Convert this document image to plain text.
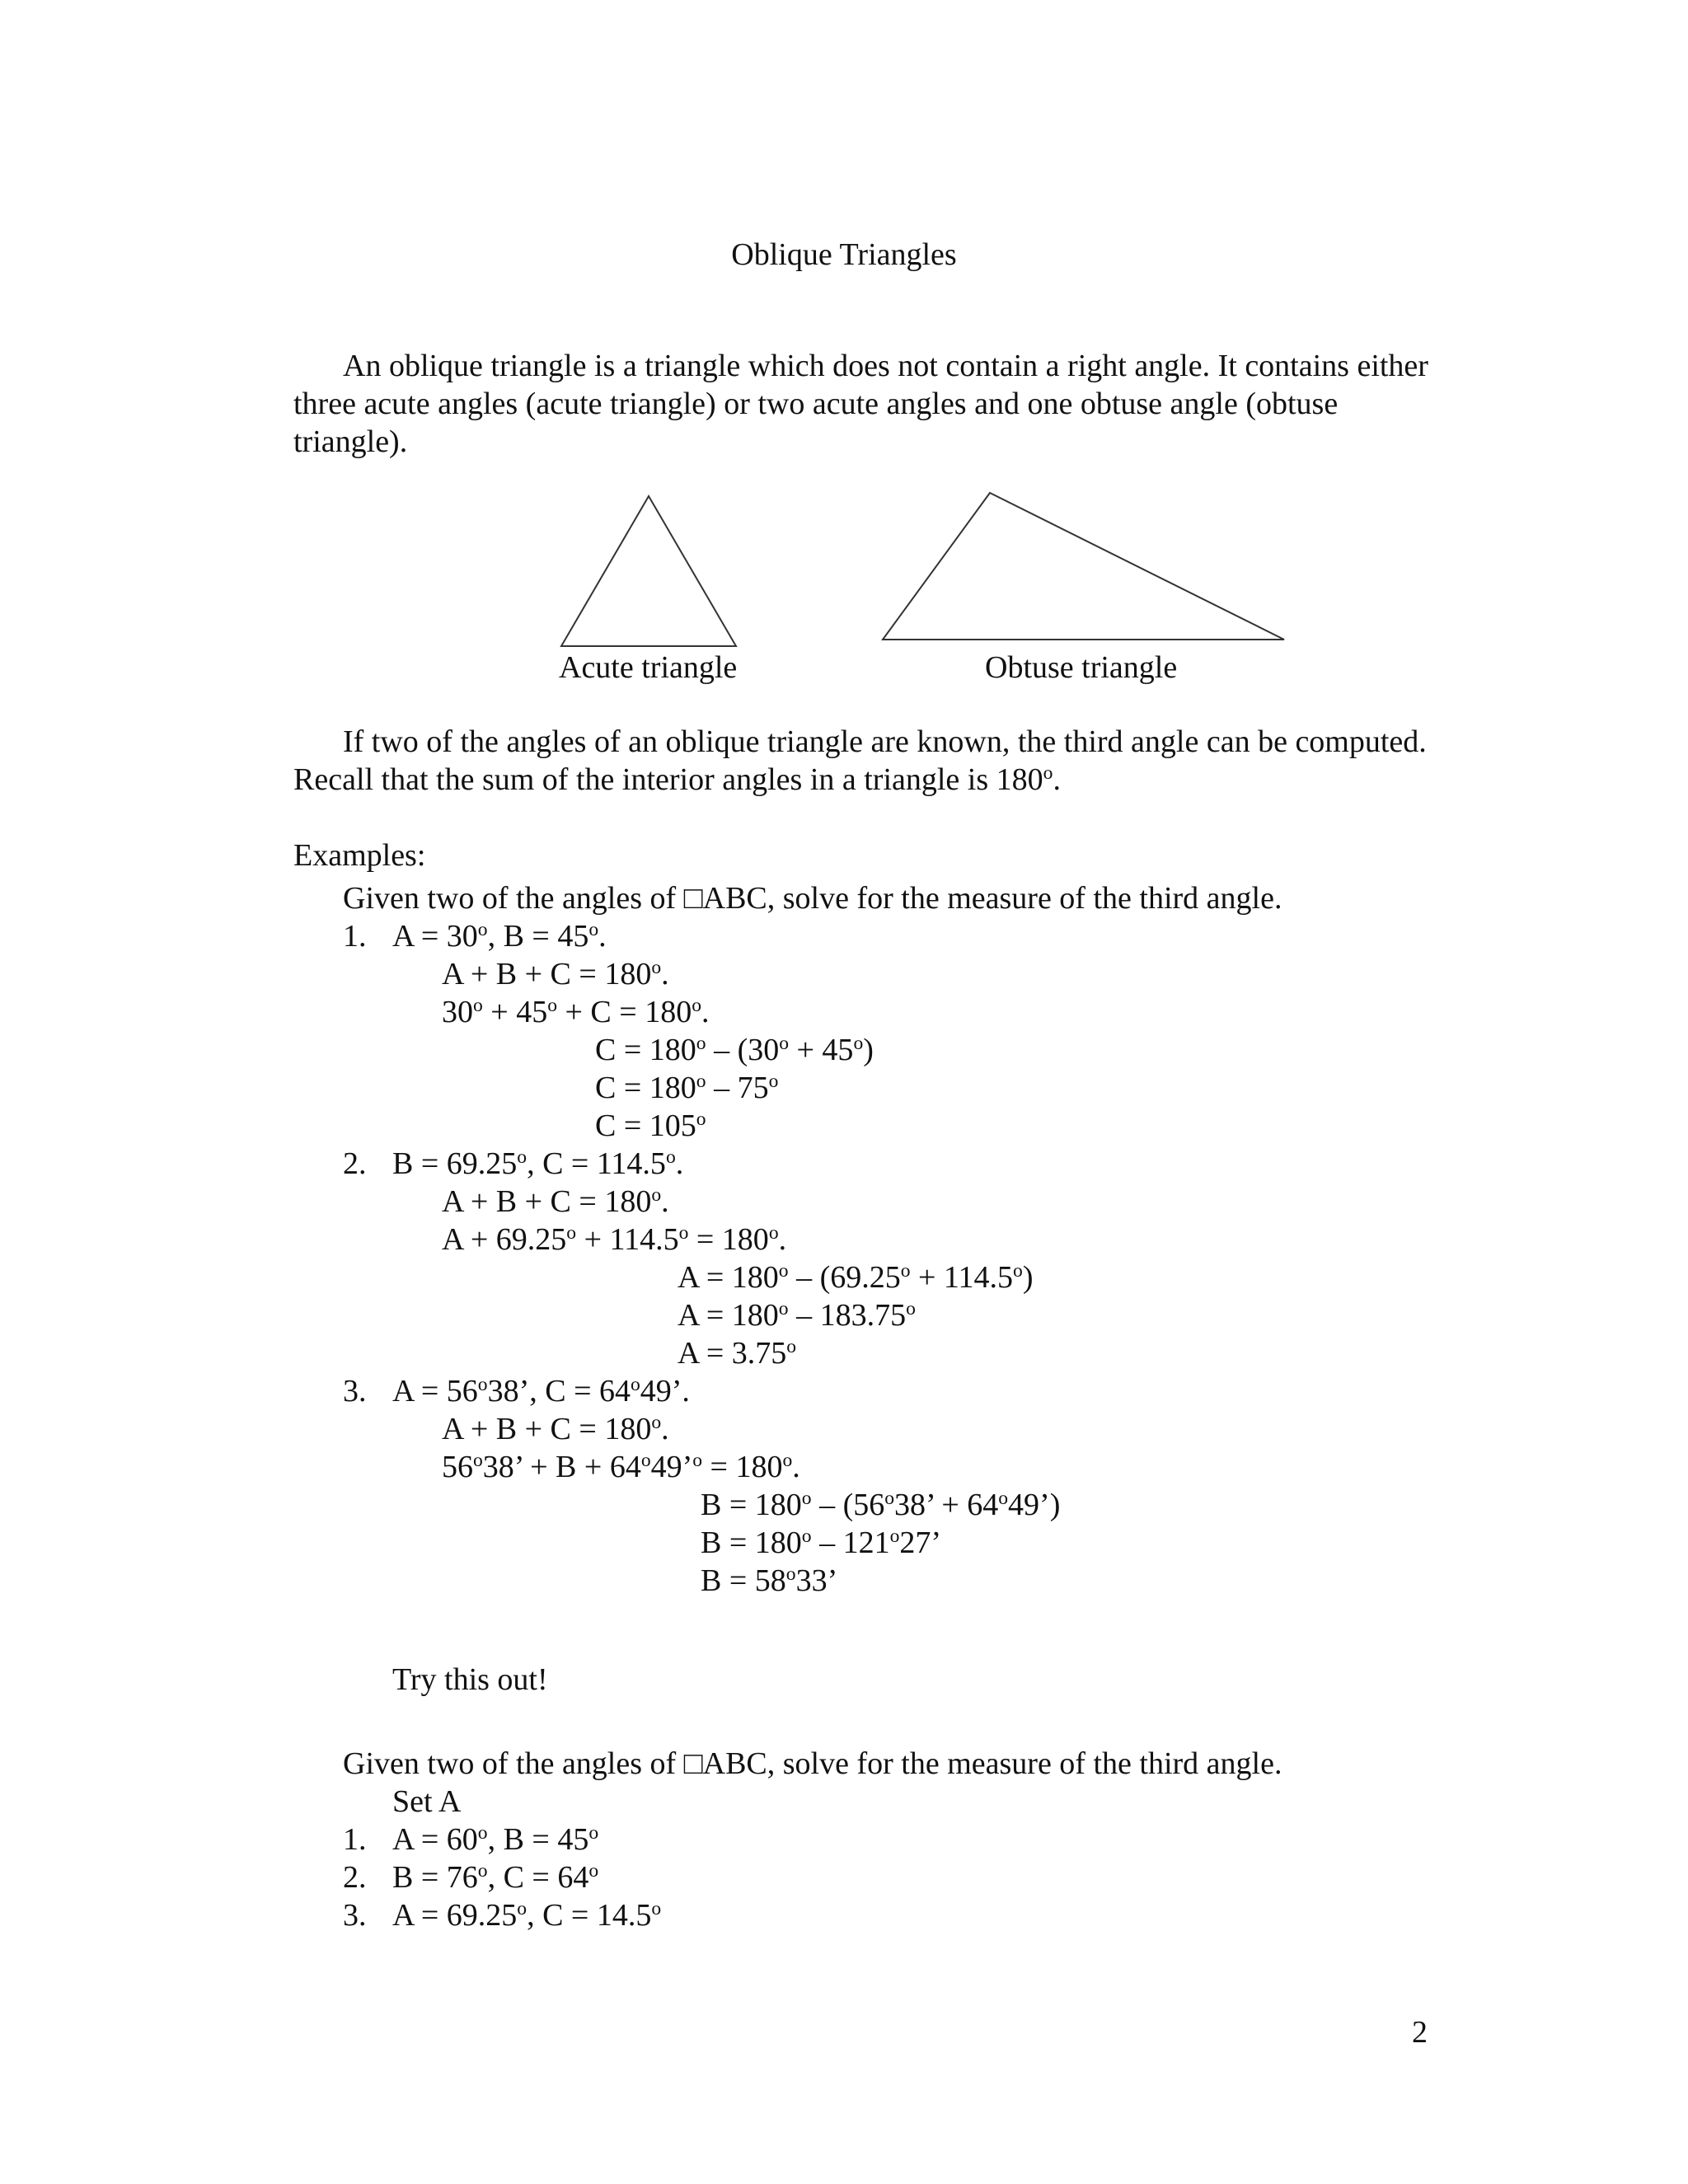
Oblique Triangles
An oblique triangle is a triangle which does not contain a right angle. It contains either three acute angles (acute triangle) or two acute angles and one obtuse angle (obtuse triangle).
Acute triangle	Obtuse triangle
If two of the angles of an oblique triangle are known, the third angle can be computed. Recall that the sum of the interior angles in a triangle is 180$^o$.
Examples:
Given two of the angles of □ABC, solve for the measure of the third angle.
1. $A = 30^o$, $B = 45^o$.
$A + B + C = 180^o$.
$30^o + 45^o + C = 180^o$.
$C = 180^o - (30^o + 45^o)$
$C = 180^o - 75^o$
$C = 105^o$
2. $B = 69.25^o$, $C = 114.5^o$.
$A + B + C = 180^o$.
$A + 69.25^o + 114.5^o = 180^o$.
$A = 180^o - (69.25^o + 114.5^o)$
$A = 180^o - 183.75^o$
$A = 3.75^o$
3. $A = 56^o38$’, $C = 64^o49$’.
$A + B + C = 180^o$.
$56^o38$’ + $B + 64^o49’^o = 180^o$.
$B = 180^o - (56^o38$’ + $64^o49$’)
$B = 180^o - 121^o27$’
$B = 58^o33$’
Try this out!
Given two of the angles of □ABC, solve for the measure of the third angle.
Set A
1. $A = 60^o$, $B = 45^o$
2. $B = 76^o$, $C = 64^o$
3. $A = 69.25^o$, $C = 14.5^o$
2
